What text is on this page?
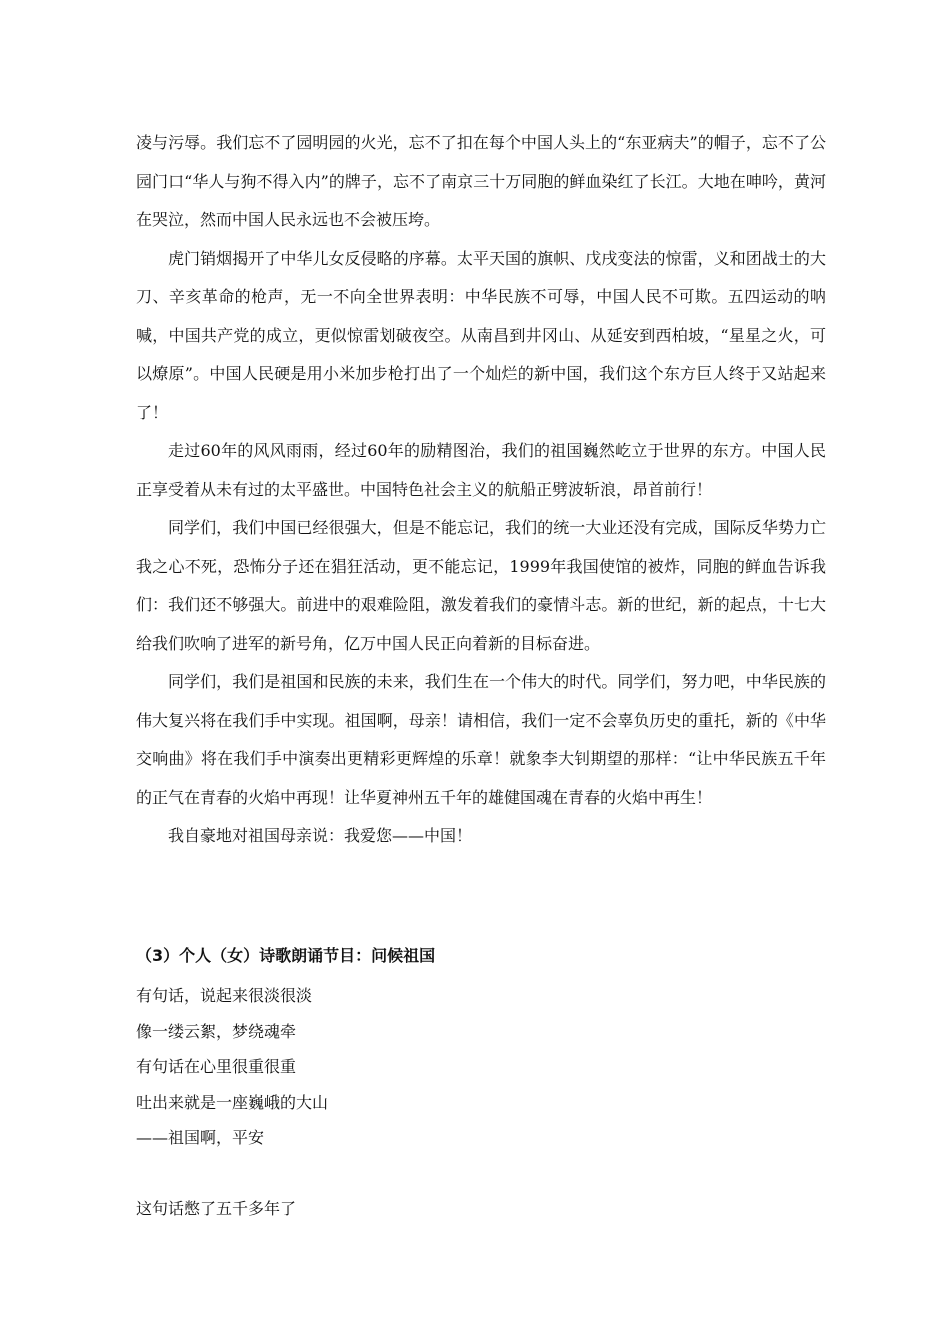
凌与污辱。我们忘不了园明园的火光，忘不了扣在每个中国人头上的“东亚病夫”的帽子，忘不了公园门口“华人与狗不得入内”的牌子，忘不了南京三十万同胞的鲜血染红了长江。大地在呻吟，黄河在哭泣，然而中国人民永远也不会被压垮。

虎门销烟揭开了中华儿女反侵略的序幕。太平天国的旗帜、戊戌变法的惊雷，义和团战士的大刀、辛亥革命的枪声，无一不向全世界表明：中华民族不可辱，中国人民不可欺。五四运动的呐喊，中国共产党的成立，更似惊雷划破夜空。从南昌到井冈山、从延安到西柏坡，“星星之火，可以燎原”。中国人民硬是用小米加步枪打出了一个灿烂的新中国，我们这个东方巨人终于又站起来了！

走过60年的风风雨雨，经过60年的励精图治，我们的祖国巍然屹立于世界的东方。中国人民正享受着从未有过的太平盛世。中国特色社会主义的航船正劈波斩浪，昂首前行！

同学们，我们中国已经很强大，但是不能忘记，我们的统一大业还没有完成，国际反华势力亡我之心不死，恐怖分子还在猖狂活动，更不能忘记，1999年我国使馆的被炸，同胞的鲜血告诉我们：我们还不够强大。前进中的艰难险阻，激发着我们的豪情斗志。新的世纪，新的起点，十七大给我们吹响了进军的新号角，亿万中国人民正向着新的目标奋进。

同学们，我们是祖国和民族的未来，我们生在一个伟大的时代。同学们，努力吧，中华民族的伟大复兴将在我们手中实现。祖国啊，母亲！请相信，我们一定不会辜负历史的重托，新的《中华交响曲》将在我们手中演奏出更精彩更辉煌的乐章！就象李大钊期望的那样：“让中华民族五千年的正气在青春的火焰中再现！让华夏神州五千年的雄健国魂在青春的火焰中再生！

我自豪地对祖国母亲说：我爱您——中国！

（3）个人（女）诗歌朗诵节目：问候祖国
有句话，说起来很淡很淡
像一缕云絮，梦绕魂牵
有句话在心里很重很重
吐出来就是一座巍峨的大山
——祖国啊，平安
这句话憋了五千多年了
